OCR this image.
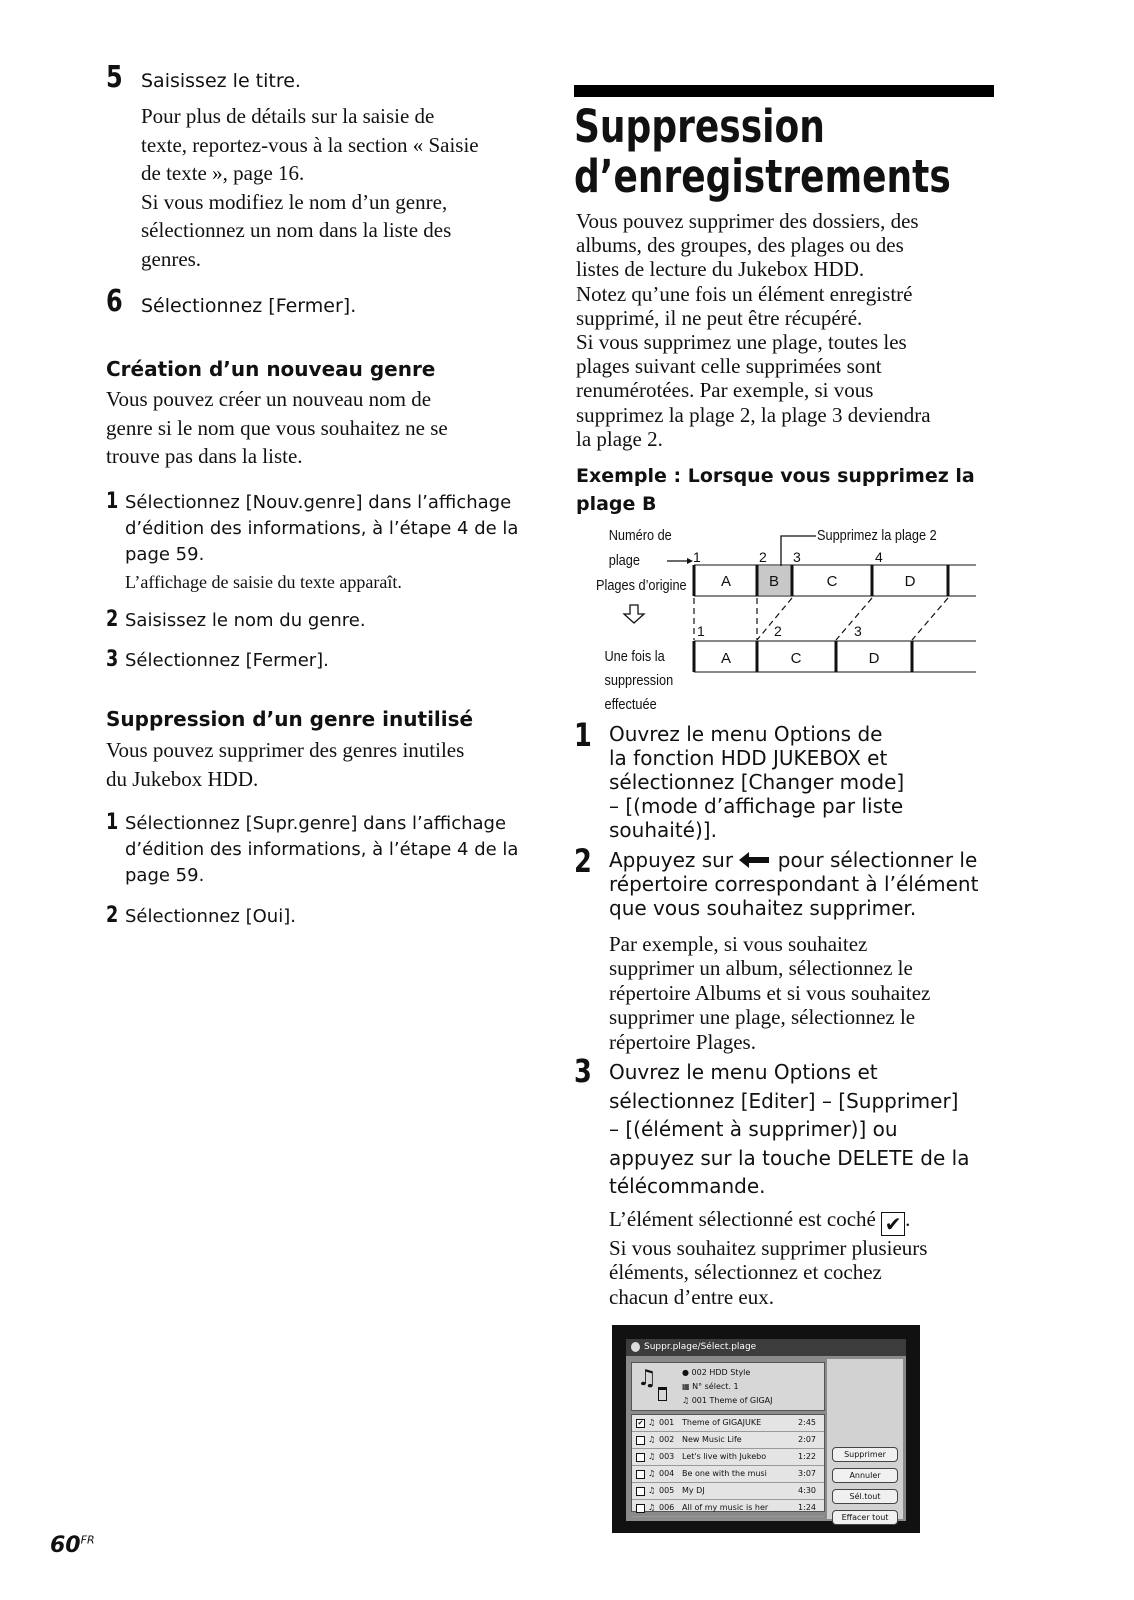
5 Saisissez le titre.

Pour plus de détails sur la saisie de

texte, reportez-vous à la section « Saisie

de texte », page 16.

Si vous modifiez le nom d’un genre,

sélectionnez un nom dans la liste des

genres.

6 Sélectionnez [Fermer].
Création d’un nouveau genre

Vous pouvez créer un nouveau nom de

genre si le nom que vous souhaitez ne se

trouve pas dans la liste.

1 Sélectionnez [Nouv.genre] dans l’affichage

d’édition des informations, à l’étape 4 de la

page 59.

L’affichage de saisie du texte apparaît.

2 Saisissez le nom du genre.
3 Sélectionnez [Fermer].
Suppression d’un genre inutilisé

Vous pouvez supprimer des genres inutiles

du Jukebox HDD.

1 Sélectionnez [Supr.genre] dans l’affichage

d’édition des informations, à l’étape 4 de la

page 59.

2 Sélectionnez [Oui].
Suppression
d’enregistrements

Vous pouvez supprimer des dossiers, des

albums, des groupes, des plages ou des

listes de lecture du Jukebox HDD.

Notez qu’une fois un élément enregistré

supprimé, il ne peut être récupéré.

Si vous supprimez une plage, toutes les

plages suivant celle supprimées sont

renumérotées. Par exemple, si vous

supprimez la plage 2, la plage 3 deviendra

la plage 2.

Exemple : Lorsque vous supprimez la
plage B
Numéro de
plage
Plages d’origine
Une fois la
suppression
effectuée
Supprimez la plage 2
1	2 3	4
A	B	C	D
1	2	3
A	C	D
1 Ouvrez le menu Options de
la fonction HDD JUKEBOX et
sélectionnez [Changer mode]
– [(mode d’affichage par liste
souhaité)].
2 Appuyez sur pour sélectionner le
répertoire correspondant à l’élément
que vous souhaitez supprimer.

Par exemple, si vous souhaitez

supprimer un album, sélectionnez le

répertoire Albums et si vous souhaitez

supprimer une plage, sélectionnez le

répertoire Plages.

3 Ouvrez le menu Options et
sélectionnez [Editer] – [Supprimer]
– [(élément à supprimer)] ou
appuyez sur la touche DELETE de la
télécommande.

L’élément sélectionné est coché ✔ .

Si vous souhaitez supprimer plusieurs

éléments, sélectionnez et cochez

chacun d’entre eux.

Suppr.plage/Sélect.plage
♫	● 002 HDD Style
▦ N° sélect. 1
♫ 001 Theme of GIGAJ
✔ ♫ 001 Theme of GIGAJUKE	2:45
♫ 002 New Music Life	2:07
♫ 003 Let's live with Jukebo	1:22
♫ 004 Be one with the musi	3:07
♫ 005 My DJ	4:30
♫ 006 All of my music is her	1:24
Supprimer
Annuler
Sél.tout
Effacer tout
$60^{FR}$
